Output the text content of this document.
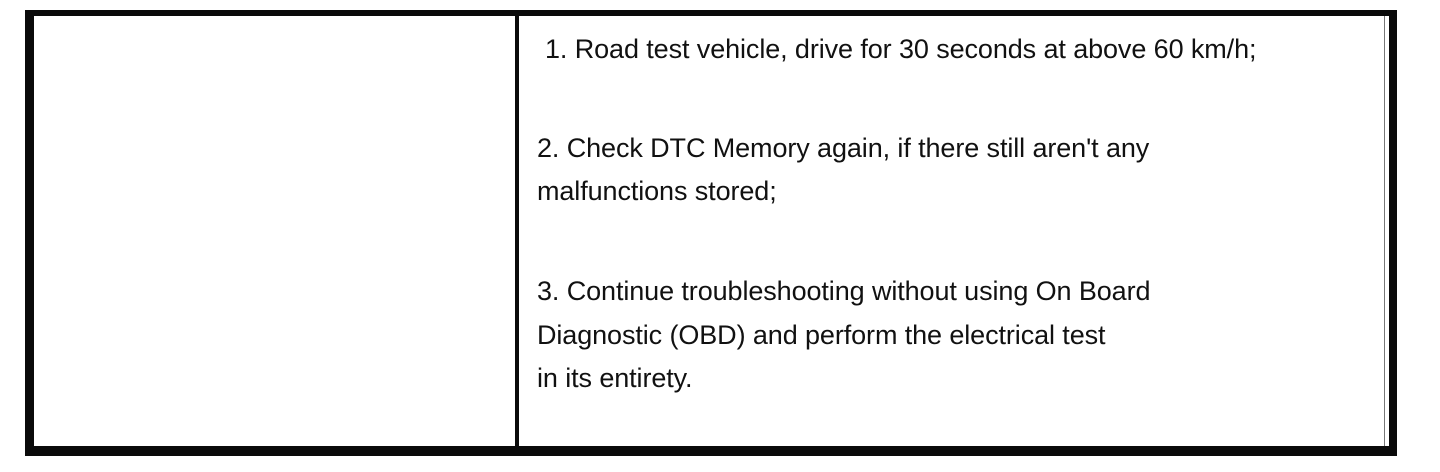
1. Road test vehicle, drive for 30 seconds at above 60 km/h;

2. Check DTC Memory again, if there still aren't any

malfunctions stored;

3. Continue troubleshooting without using On Board

Diagnostic (OBD) and perform the electrical test

in its entirety.
